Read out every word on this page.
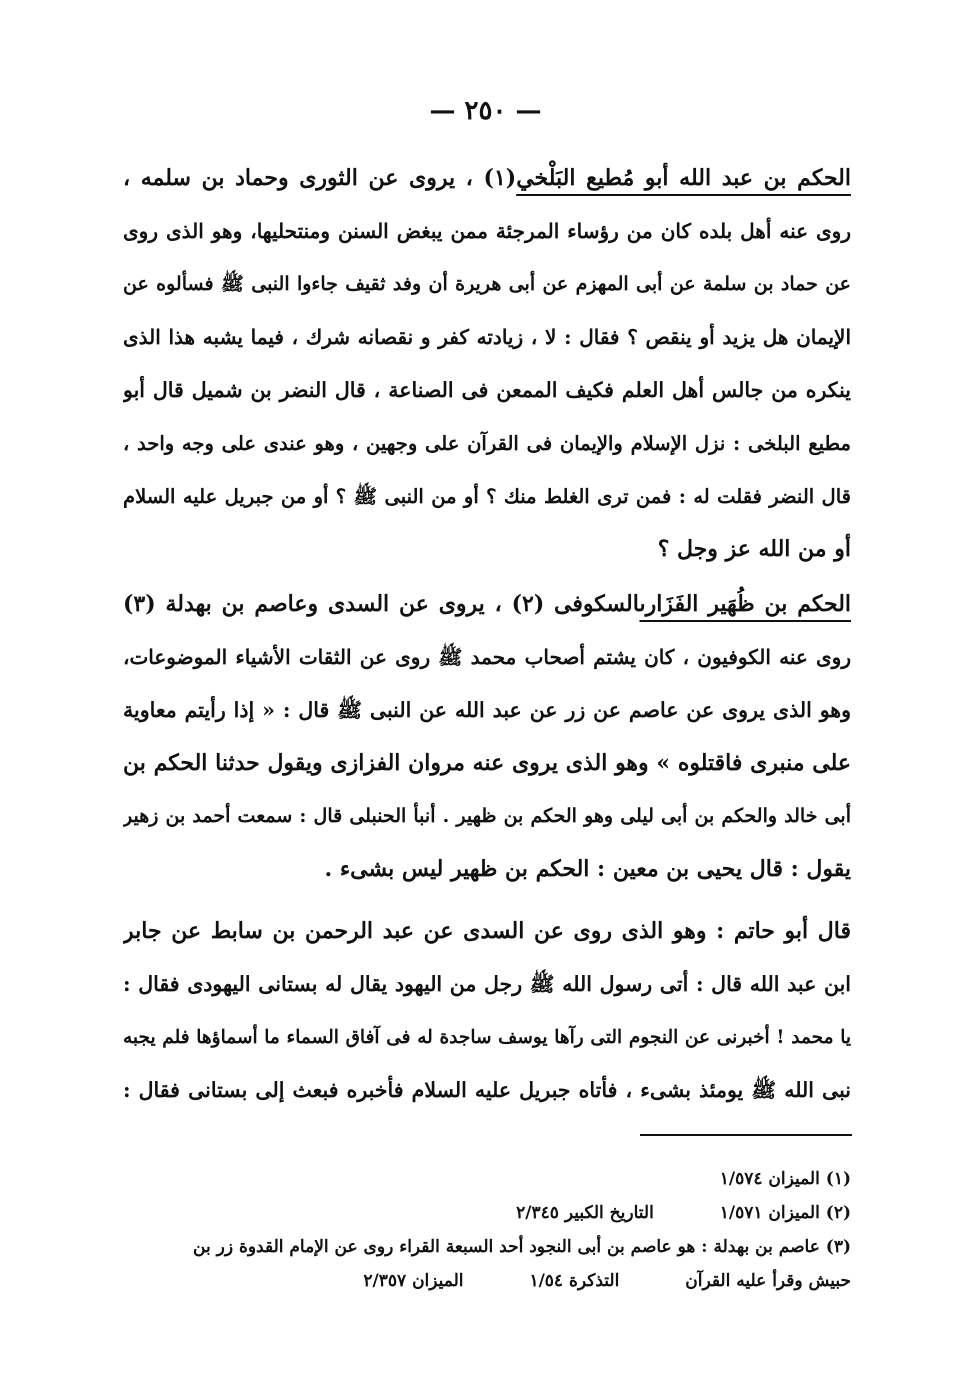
— ٢٥٠ —
الحكم بن عبد الله أبو مُطيع البَلْخي(١) ، يروى عن الثورى وحماد بن سلمه ،
روى عنه أهل بلده كان من رؤساء المرجئة ممن يبغض السنن ومنتحليها، وهو الذى روى
عن حماد بن سلمة عن أبى المهزم عن أبى هريرة أن وفد ثقيف جاءوا النبى ﷺ فسألوه عن
الإيمان هل يزيد أو ينقص ؟ فقال : لا ، زيادته كفر و نقصانه شرك ، فيما يشبه هذا الذى
ينكره من جالس أهل العلم فكيف الممعن فى الصناعة ، قال النضر بن شميل قال أبو
مطيع البلخى : نزل الإسلام والإيمان فى القرآن على وجهين ، وهو عندى على وجه واحد ،
قال النضر فقلت له : فمن ترى الغلط منك ؟ أو من النبى ﷺ ؟ أو من جبريل عليه السلام
أو من الله عز وجل ؟
الحكم بن ظُهَير الفَزَارىالسكوفى (٢) ، يروى عن السدى وعاصم بن بهدلة (٣)
روى عنه الكوفيون ، كان يشتم أصحاب محمد ﷺ روى عن الثقات الأشياء الموضوعات،
وهو الذى يروى عن عاصم عن زر عن عبد الله عن النبى ﷺ قال : « إذا رأيتم معاوية
على منبرى فاقتلوه » وهو الذى يروى عنه مروان الفزازى ويقول حدثنا الحكم بن
أبى خالد والحكم بن أبى ليلى وهو الحكم بن ظهير . أنبأ الحنبلى قال : سمعت أحمد بن زهير
يقول : قال يحيى بن معين : الحكم بن ظهير ليس بشىء .
قال أبو حاتم : وهو الذى روى عن السدى عن عبد الرحمن بن سابط عن جابر
ابن عبد الله قال : أتى رسول الله ﷺ رجل من اليهود يقال له بستانى اليهودى فقال :
يا محمد ! أخبرنى عن النجوم التى رآها يوسف ساجدة له فى آفاق السماء ما أسماؤها فلم يجبه
نبى الله ﷺ يومئذ بشىء ، فأتاه جبريل عليه السلام فأخبره فبعث إلى بستانى فقال :
(١) الميزان ١/٥٧٤
(٢) الميزان ١/٥٧١ التاريخ الكبير ٢/٣٤٥
(٣) عاصم بن بهدلة : هو عاصم بن أبى النجود أحد السبعة القراء روى عن الإمام القدوة زر بن
حبيش وقرأ عليه القرآن التذكرة ١/٥٤ الميزان ٢/٣٥٧
